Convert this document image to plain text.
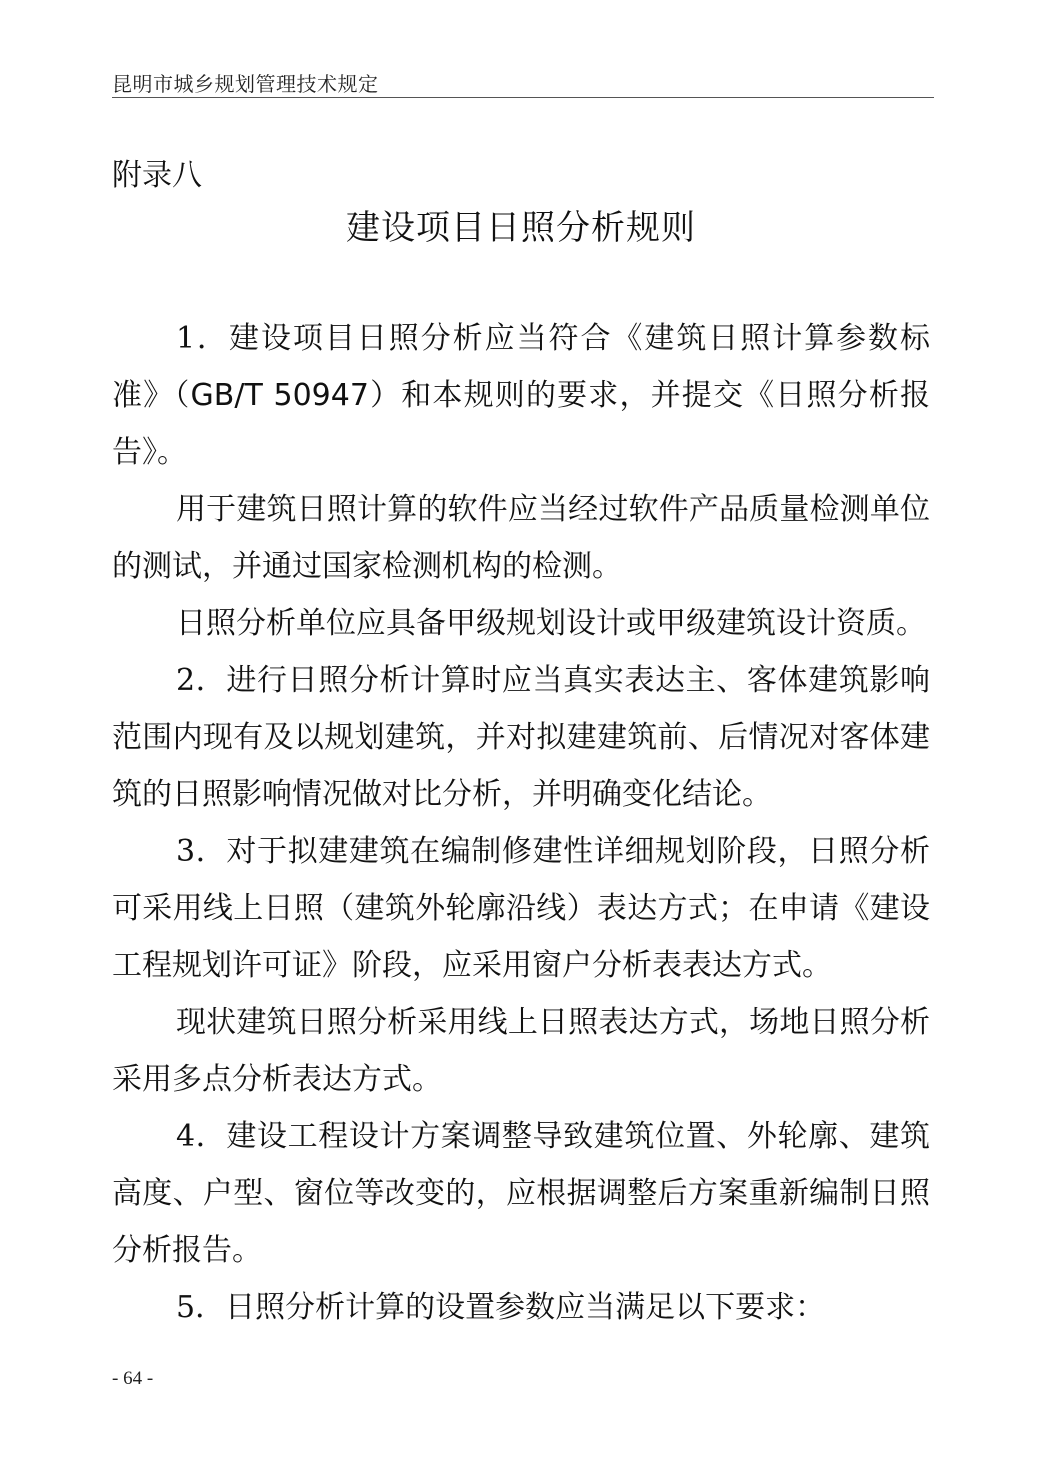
昆明市城乡规划管理技术规定
附录八
建设项目日照分析规则

1．建设项目日照分析应当符合《建筑日照计算参数标准》（GB/T 50947）和本规则的要求，并提交《日照分析报告》。

用于建筑日照计算的软件应当经过软件产品质量检测单位的测试，并通过国家检测机构的检测。

日照分析单位应具备甲级规划设计或甲级建筑设计资质。

2．进行日照分析计算时应当真实表达主、客体建筑影响范围内现有及以规划建筑，并对拟建建筑前、后情况对客体建筑的日照影响情况做对比分析，并明确变化结论。

3．对于拟建建筑在编制修建性详细规划阶段，日照分析可采用线上日照（建筑外轮廓沿线）表达方式；在申请《建设工程规划许可证》阶段，应采用窗户分析表表达方式。

现状建筑日照分析采用线上日照表达方式，场地日照分析采用多点分析表达方式。

4．建设工程设计方案调整导致建筑位置、外轮廓、建筑高度、户型、窗位等改变的，应根据调整后方案重新编制日照分析报告。

5．日照分析计算的设置参数应当满足以下要求：

- 64 -
